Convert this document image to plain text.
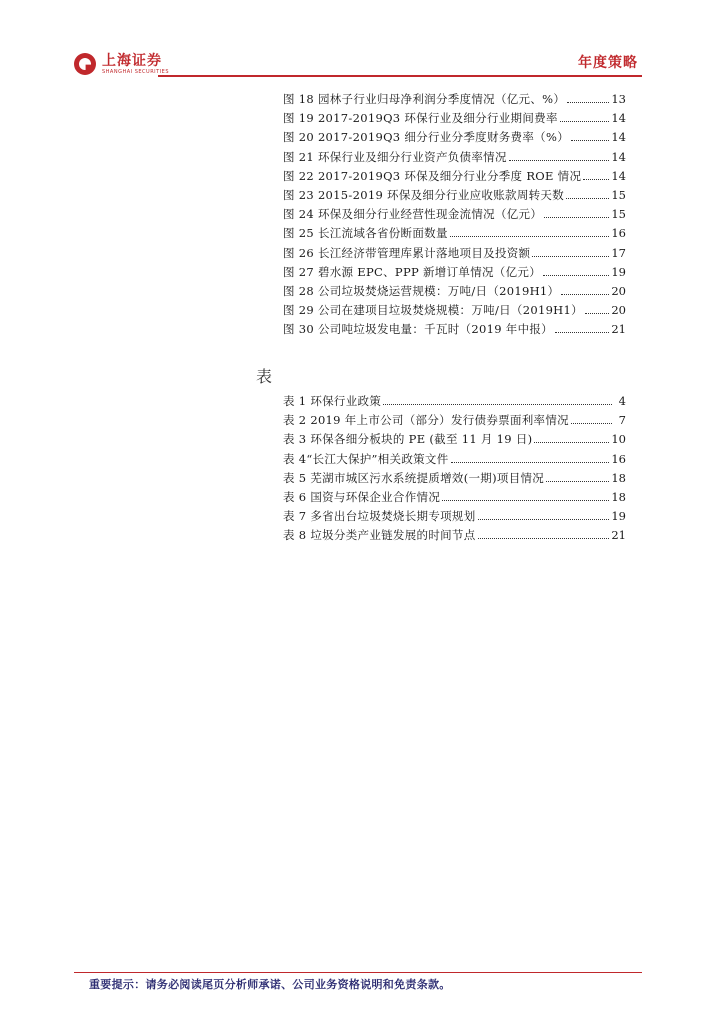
上海证券
SHANGHAI SECURITIES
年度策略
图 18 园林子行业归母净利润分季度情况（亿元、%）	13
图 19 2017-2019Q3 环保行业及细分行业期间费率	14
图 20 2017-2019Q3 细分行业分季度财务费率（%）	14
图 21 环保行业及细分行业资产负债率情况	14
图 22 2017-2019Q3 环保及细分行业分季度 ROE 情况	14
图 23 2015-2019 环保及细分行业应收账款周转天数	15
图 24 环保及细分行业经营性现金流情况（亿元）	15
图 25 长江流域各省份断面数量	16
图 26 长江经济带管理库累计落地项目及投资额	17
图 27 碧水源 EPC、PPP 新增订单情况（亿元）	19
图 28 公司垃圾焚烧运营规模：万吨/日（2019H1）	20
图 29 公司在建项目垃圾焚烧规模：万吨/日（2019H1） 20
图 30 公司吨垃圾发电量：千瓦时（2019 年中报）	21
表
表 1 环保行业政策	4
表 2 2019 年上市公司（部分）发行债券票面利率情况	7
表 3 环保各细分板块的 PE (截至 11 月 19 日)	10
表 4“长江大保护”相关政策文件	16
表 5 芜湖市城区污水系统提质增效(一期)项目情况	18
表 6 国资与环保企业合作情况	18
表 7 多省出台垃圾焚烧长期专项规划	19
表 8 垃圾分类产业链发展的时间节点	21
重要提示：请务必阅读尾页分析师承诺、公司业务资格说明和免责条款。
